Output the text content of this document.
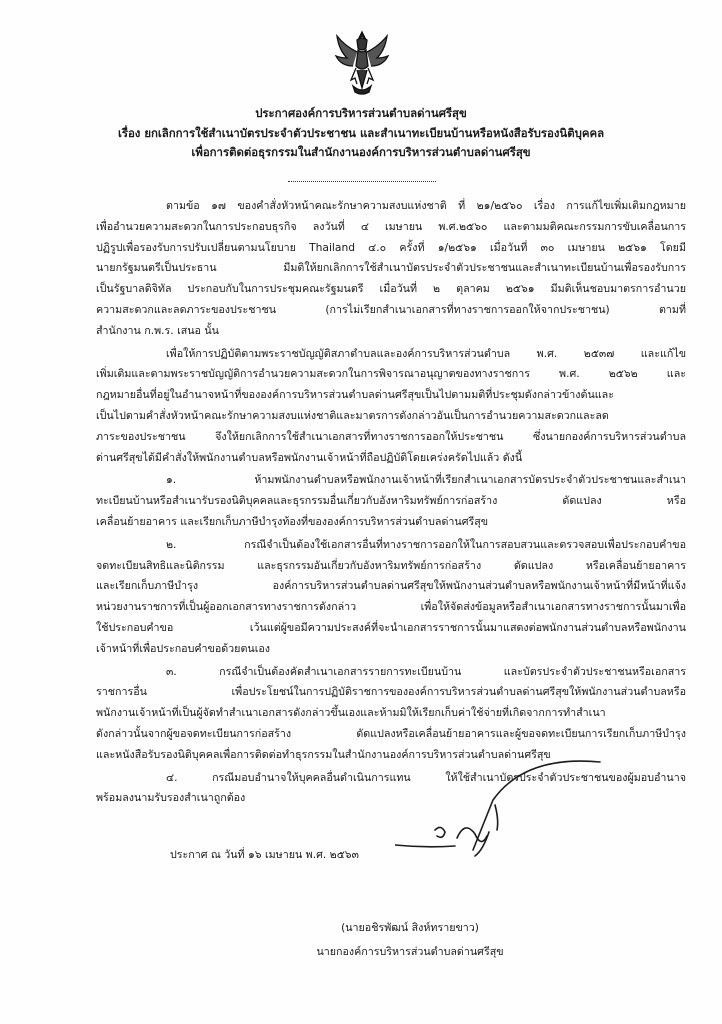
ประกาศองค์การบริหารส่วนตำบลด่านศรีสุข
เรื่อง ยกเลิกการใช้สำเนาบัตรประจำตัวประชาชน และสำเนาทะเบียนบ้านหรือหนังสือรับรองนิติบุคคล
เพื่อการติดต่อธุรกรรมในสำนักงานองค์การบริหารส่วนตำบลด่านศรีสุข

ตามข้อ ๑๗ ของคำสั่งหัวหน้าคณะรักษาความสงบแห่งชาติ ที่ ๒๑/๒๕๖๐ เรื่อง การแก้ไขเพิ่มเติมกฎหมาย
เพื่ออำนวยความสะดวกในการประกอบธุรกิจ ลงวันที่ ๔ เมษายน พ.ศ.๒๕๖๐ และตามมติคณะกรรมการขับเคลื่อนการ
ปฏิรูปเพื่อรองรับการปรับเปลี่ยนตามนโยบาย Thailand ๔.๐ ครั้งที่ ๑/๒๕๖๑ เมื่อวันที่ ๓๐ เมษายน ๒๕๖๑ โดยมี
นายกรัฐมนตรีเป็นประธาน มีมติให้ยกเลิกการใช้สำเนาบัตรประจำตัวประชาชนและสำเนาทะเบียนบ้านเพื่อรองรับการ
เป็นรัฐบาลดิจิทัล ประกอบกับในการประชุมคณะรัฐมนตรี เมื่อวันที่ ๒ ตุลาคม ๒๕๖๑ มีมติเห็นชอบมาตรการอำนวย
ความสะดวกและลดภาระของประชาชน (การไม่เรียกสำเนาเอกสารที่ทางราชการออกให้จากประชาชน) ตามที่
สำนักงาน ก.พ.ร. เสนอ นั้น

เพื่อให้การปฏิบัติตามพระราชบัญญัติสภาตำบลและองค์การบริหารส่วนตำบล พ.ศ. ๒๕๓๗ และแก้ไข
เพิ่มเติมและตามพระราชบัญญัติการอำนวยความสะดวกในการพิจารณาอนุญาตของทางราชการ พ.ศ. ๒๕๖๒ และ
กฎหมายอื่นที่อยู่ในอำนาจหน้าที่ขององค์การบริหารส่วนตำบลด่านศรีสุขเป็นไปตามมติที่ประชุมดังกล่าวข้างต้นและ
เป็นไปตามคำสั่งหัวหน้าคณะรักษาความสงบแห่งชาติและมาตรการดังกล่าวอันเป็นการอำนวยความสะดวกและลด
ภาระของประชาชน จึงให้ยกเลิกการใช้สำเนาเอกสารที่ทางราชการออกให้ประชาชน ซึ่งนายกองค์การบริหารส่วนตำบล
ด่านศรีสุขได้มีคำสั่งให้พนักงานตำบลหรือพนักงานเจ้าหน้าที่ถือปฏิบัติโดยเคร่งครัดไปแล้ว ดังนี้

๑. ห้ามพนักงานตำบลหรือพนักงานเจ้าหน้าที่เรียกสำเนาเอกสารบัตรประจำตัวประชาชนและสำเนา
ทะเบียนบ้านหรือสำเนารับรองนิติบุคคลและธุรกรรมอื่นเกี่ยวกับอังหาริมทรัพย์การก่อสร้าง ดัดแปลง หรือ
เคลื่อนย้ายอาคาร และเรียกเก็บภาษีบำรุงท้องที่ขององค์การบริหารส่วนตำบลด่านศรีสุข

๒. กรณีจำเป็นต้องใช้เอกสารอื่นที่ทางราชการออกให้ในการสอบสวนและตรวจสอบเพื่อประกอบคำขอ
จดทะเบียนสิทธิและนิติกรรม และธุรกรรมอันเกี่ยวกับอังหาริมทรัพย์การก่อสร้าง ดัดแปลง หรือเคลื่อนย้ายอาคาร
และเรียกเก็บภาษีบำรุง องค์การบริหารส่วนตำบลด่านศรีสุขให้พนักงานส่วนตำบลหรือพนักงานเจ้าหน้าที่มีหน้าที่แจ้ง
หน่วยงานราชการที่เป็นผู้ออกเอกสารทางราชการดังกล่าว เพื่อให้จัดส่งข้อมูลหรือสำเนาเอกสารทางราชการนั้นมาเพื่อ
ใช้ประกอบคำขอ เว้นแต่ผู้ขอมีความประสงค์ที่จะนำเอกสารราชการนั้นมาแสดงต่อพนักงานส่วนตำบลหรือพนักงาน
เจ้าหน้าที่เพื่อประกอบคำขอด้วยตนเอง

๓. กรณีจำเป็นต้องคัดสำเนาเอกสารรายการทะเบียนบ้าน และบัตรประจำตัวประชาชนหรือเอกสาร
ราชการอื่น เพื่อประโยชน์ในการปฏิบัติราชการขององค์การบริหารส่วนตำบลด่านศรีสุขให้พนักงานส่วนตำบลหรือ
พนักงานเจ้าหน้าที่เป็นผู้จัดทำสำเนาเอกสารดังกล่าวขึ้นเองและห้ามมิให้เรียกเก็บค่าใช้จ่ายที่เกิดจากการทำสำเนา
ดังกล่าวนั้นจากผู้ขอจดทะเบียนการก่อสร้าง ดัดแปลงหรือเคลื่อนย้ายอาคารและผู้ขอจดทะเบียนการเรียกเก็บภาษีบำรุง
และหนังสือรับรองนิติบุคคลเพื่อการติดต่อทำธุรกรรมในสำนักงานองค์การบริหารส่วนตำบลด่านศรีสุข

๔. กรณีมอบอำนาจให้บุคคลอื่นดำเนินการแทน ให้ใช้สำเนาบัตรประจำตัวประชาชนของผู้มอบอำนาจ
พร้อมลงนามรับรองสำเนาถูกต้อง

ประกาศ ณ วันที่ ๑๖ เมษายน พ.ศ. ๒๕๖๓
(นายอชิรพัฒน์ สิงห์ทรายขาว)
นายกองค์การบริหารส่วนตำบลด่านศรีสุข
